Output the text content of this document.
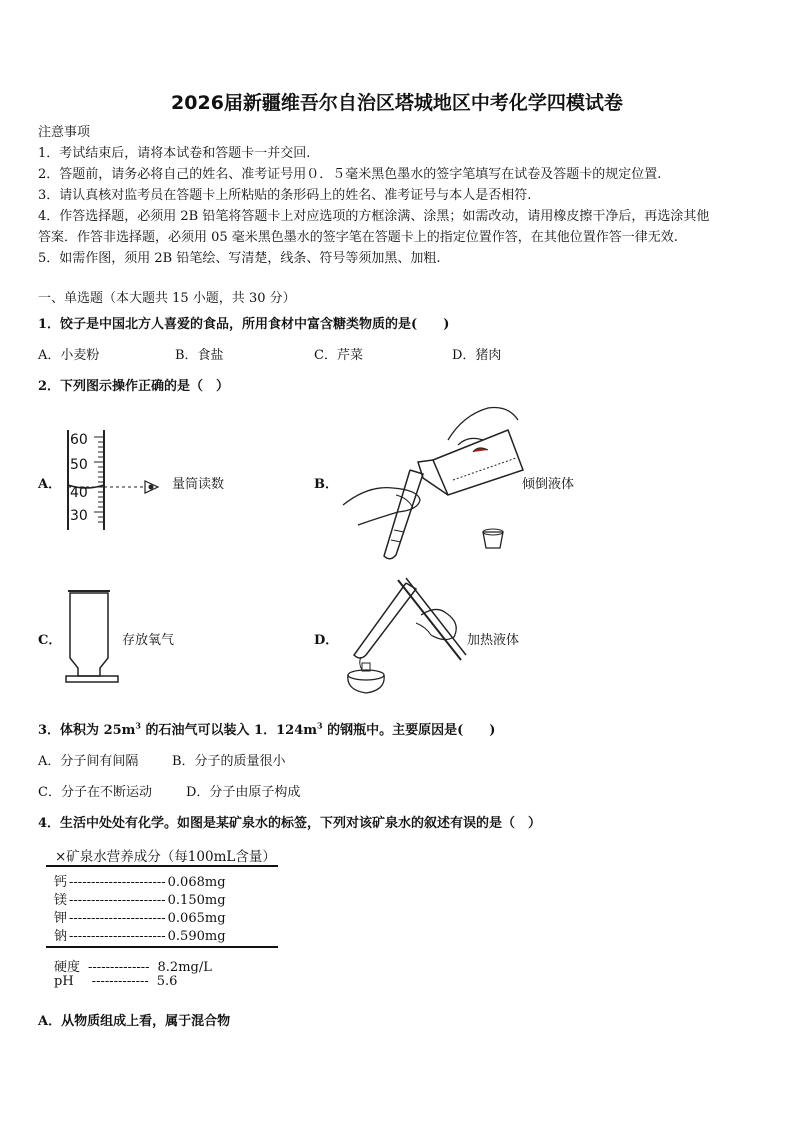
2026届新疆维吾尔自治区塔城地区中考化学四模试卷
注意事项
1．考试结束后，请将本试卷和答题卡一并交回.
2．答题前，请务必将自己的姓名、准考证号用０．５毫米黑色墨水的签字笔填写在试卷及答题卡的规定位置.
3．请认真核对监考员在答题卡上所粘贴的条形码上的姓名、准考证号与本人是否相符.
4．作答选择题，必须用 2B 铅笔将答题卡上对应选项的方框涂满、涂黑；如需改动，请用橡皮擦干净后，再选涂其他
答案．作答非选择题，必须用 05 毫米黑色墨水的签字笔在答题卡上的指定位置作答，在其他位置作答一律无效.
5．如需作图，须用 2B 铅笔绘、写清楚，线条、符号等须加黑、加粗.
一、单选题（本大题共 15 小题，共 30 分）
1．饺子是中国北方人喜爱的食品，所用食材中富含糖类物质的是(　　)
A．小麦粉	B．食盐	C．芹菜	D．猪肉
2．下列图示操作正确的是（　）
A．
60
50
40
30
量筒读数	B．	倾倒液体
C．	存放氧气	D．	加热液体
3．体积为 $25m^3$ 的石油气可以装入 1．$124m^3$ 的钢瓶中。主要原因是(　　)
A．分子间有间隔	B．分子的质量很小
C．分子在不断运动	D．分子由原子构成
4．生活中处处有化学。如图是某矿泉水的标签，下列对该矿泉水的叙述有误的是（　）
×矿泉水营养成分（每100mL含量）
钙 ---------------------- 0.068mg
镁 ---------------------- 0.150mg
钾 ---------------------- 0.065mg
钠 ---------------------- 0.590mg
硬度 -------------- 8.2mg/L
pH ------------- 5.6
A．从物质组成上看，属于混合物
